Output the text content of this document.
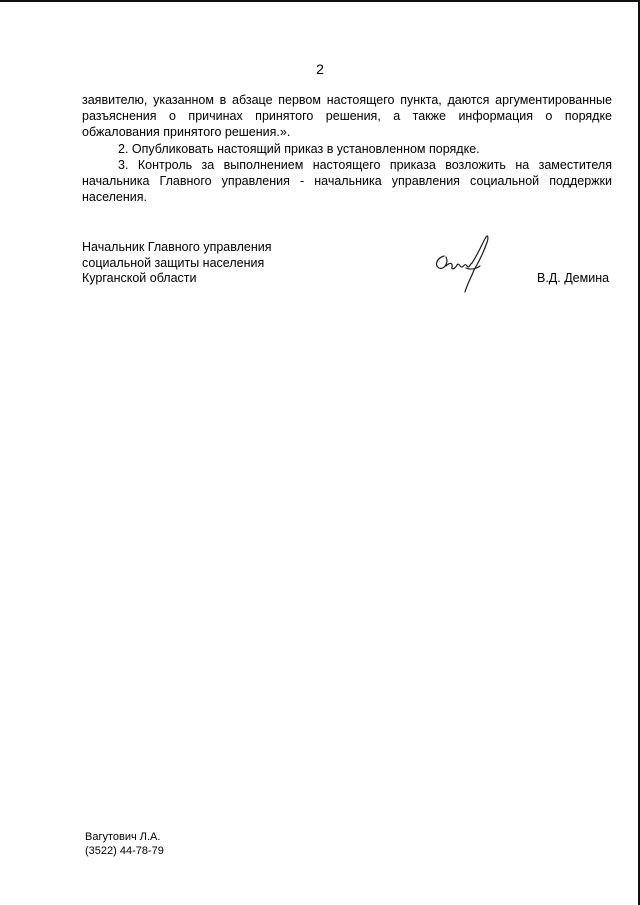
2

заявителю, указанном в абзаце первом настоящего пункта, даются аргументированные

разъяснения о причинах принятого решения, а также информация о порядке

обжалования принятого решения.».

2. Опубликовать настоящий приказ в установленном порядке.

3. Контроль за выполнением настоящего приказа возложить на заместителя

начальника Главного управления - начальника управления социальной поддержки

населения.

Начальник Главного управления
социальной защиты населения
Курганской области	В.Д. Демина
Вагутович Л.А.
(3522) 44-78-79
